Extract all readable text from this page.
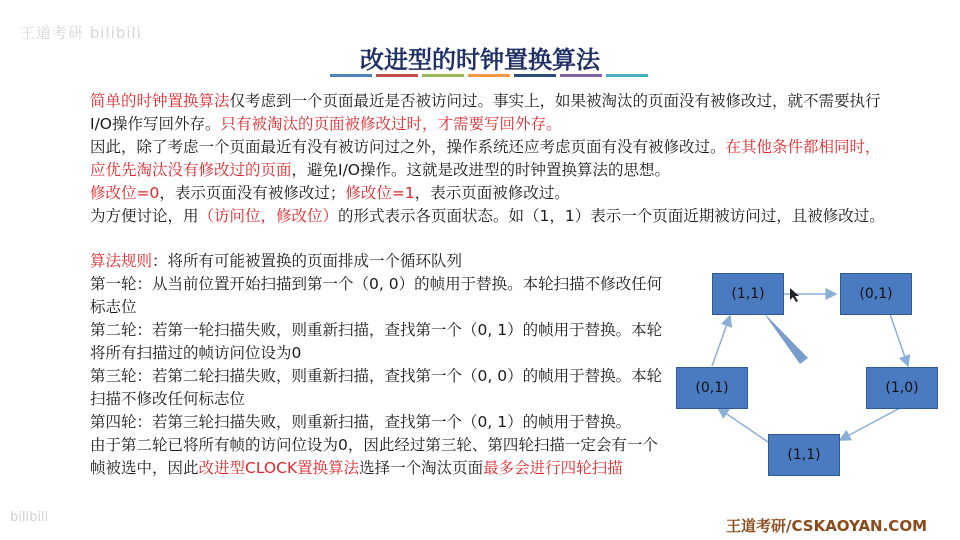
王道考研 bilibili
bilibili
改进型的时钟置换算法
简单的时钟置换算法仅考虑到一个页面最近是否被访问过。事实上，如果被淘汰的页面没有被修改过，就不需要执行I/O操作写回外存。只有被淘汰的页面被修改过时，才需要写回外存。
因此，除了考虑一个页面最近有没有被访问过之外，操作系统还应考虑页面有没有被修改过。在其他条件都相同时，应优先淘汰没有修改过的页面，避免I/O操作。这就是改进型的时钟置换算法的思想。
修改位=0，表示页面没有被修改过；修改位=1，表示页面被修改过。
为方便讨论，用（访问位，修改位）的形式表示各页面状态。如（1，1）表示一个页面近期被访问过，且被修改过。
算法规则：将所有可能被置换的页面排成一个循环队列
第一轮：从当前位置开始扫描到第一个（0, 0）的帧用于替换。本轮扫描不修改任何标志位
第二轮：若第一轮扫描失败，则重新扫描，查找第一个（0, 1）的帧用于替换。本轮将所有扫描过的帧访问位设为0
第三轮：若第二轮扫描失败，则重新扫描，查找第一个（0, 0）的帧用于替换。本轮扫描不修改任何标志位
第四轮：若第三轮扫描失败，则重新扫描，查找第一个（0, 1）的帧用于替换。
由于第二轮已将所有帧的访问位设为0，因此经过第三轮、第四轮扫描一定会有一个帧被选中，因此改进型CLOCK置换算法选择一个淘汰页面最多会进行四轮扫描
(1,1)	(0,1)
(1,0)
(1,1)
(0,1)
王道考研/CSKAOYAN.COM
